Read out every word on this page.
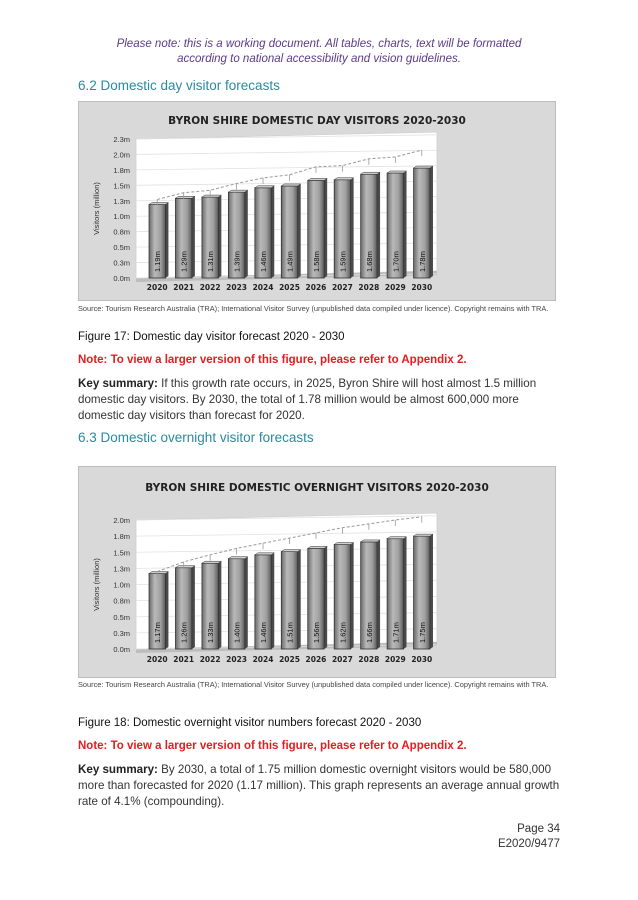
Please note: this is a working document. All tables, charts, text will be formatted
according to national accessibility and vision guidelines.
6.2 Domestic day visitor forecasts
BYRON SHIRE DOMESTIC DAY VISITORS 2020-2030
0.0m
0.3m
0.5m
0.8m
1.0m
1.3m
1.5m
1.8m
2.0m
2.3m
Visitors (million)
1.19m
2020
1.29m
2021
1.31m
2022
1.39m
2023
1.46m
2024
1.49m
2025
1.58m
2026
1.59m
2027
1.68m
2028
1.70m
2029
1.78m
2030
Source: Tourism Research Australia (TRA); International Visitor Survey (unpublished data compiled under licence). Copyright remains with TRA.
Figure 17: Domestic day visitor forecast 2020 - 2030
Note: To view a larger version of this figure, please refer to Appendix 2.
Key summary: If this growth rate occurs, in 2025, Byron Shire will host almost 1.5 million domestic day visitors. By 2030, the total of 1.78 million would be almost 600,000 more domestic day visitors than forecast for 2020.
6.3 Domestic overnight visitor forecasts
BYRON SHIRE DOMESTIC OVERNIGHT VISITORS 2020-2030
0.0m
0.3m
0.5m
0.8m
1.0m
1.3m
1.5m
1.8m
2.0m
Visitors (million)
1.17m
2020
1.26m
2021
1.33m
2022
1.40m
2023
1.46m
2024
1.51m
2025
1.56m
2026
1.62m
2027
1.66m
2028
1.71m
2029
1.75m
2030
Source: Tourism Research Australia (TRA); International Visitor Survey (unpublished data compiled under licence). Copyright remains with TRA.
Figure 18: Domestic overnight visitor numbers forecast 2020 - 2030
Note: To view a larger version of this figure, please refer to Appendix 2.
Key summary: By 2030, a total of 1.75 million domestic overnight visitors would be 580,000 more than forecasted for 2020 (1.17 million). This graph represents an average annual growth rate of 4.1% (compounding).
Page 34
E2020/9477
